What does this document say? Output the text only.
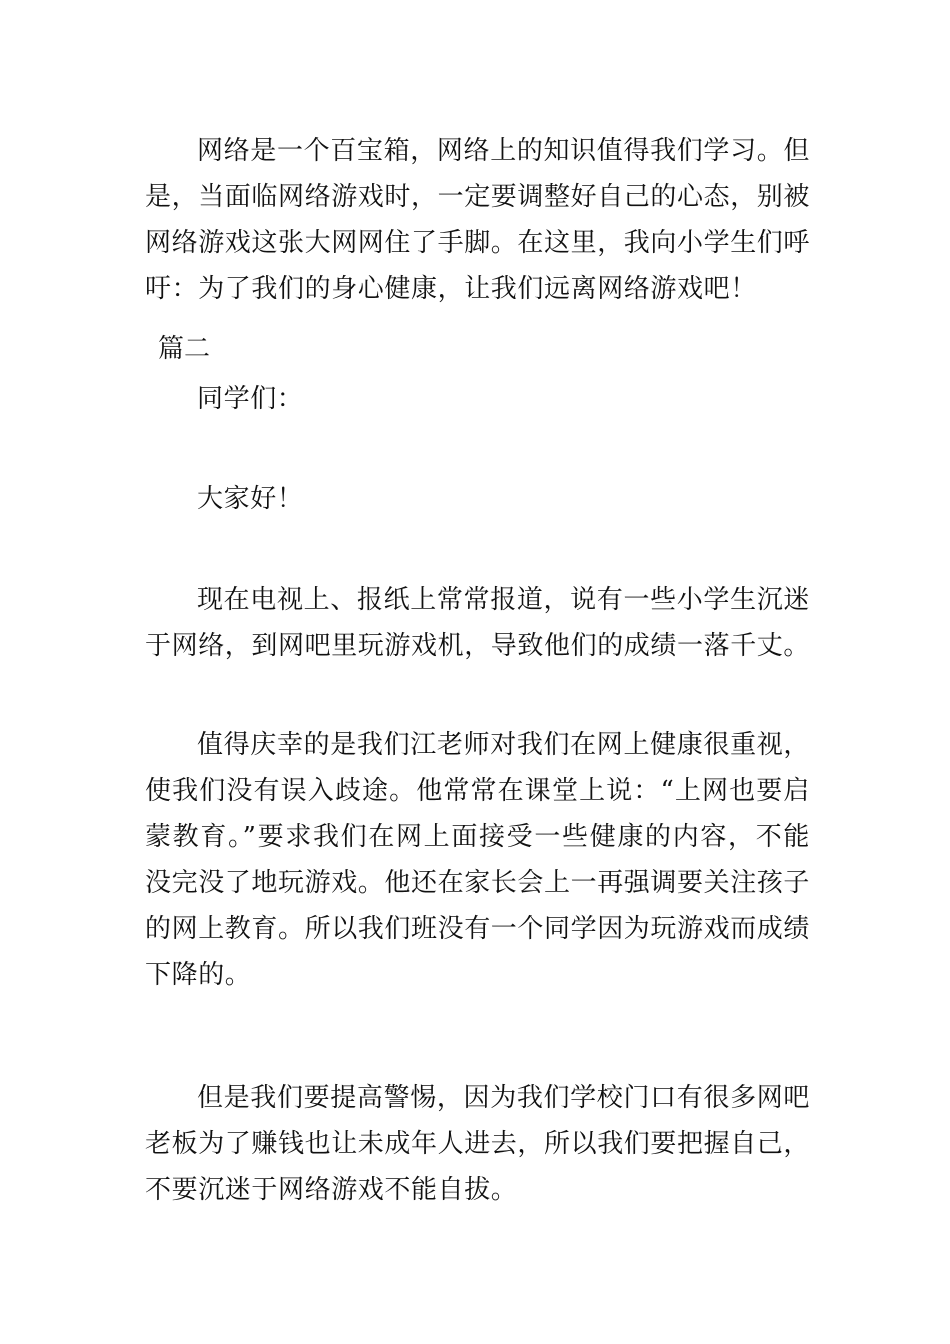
网络是一个百宝箱，网络上的知识值得我们学习。但是，当面临网络游戏时，一定要调整好自己的心态，别被网络游戏这张大网网住了手脚。在这里，我向小学生们呼吁：为了我们的身心健康，让我们远离网络游戏吧！

篇二

同学们：

大家好！

现在电视上、报纸上常常报道，说有一些小学生沉迷于网络，到网吧里玩游戏机，导致他们的成绩一落千丈。

值得庆幸的是我们江老师对我们在网上健康很重视，使我们没有误入歧途。他常常在课堂上说：“上网也要启蒙教育。”要求我们在网上面接受一些健康的内容，不能没完没了地玩游戏。他还在家长会上一再强调要关注孩子的网上教育。所以我们班没有一个同学因为玩游戏而成绩下降的。

但是我们要提高警惕，因为我们学校门口有很多网吧老板为了赚钱也让未成年人进去，所以我们要把握自己，不要沉迷于网络游戏不能自拔。
